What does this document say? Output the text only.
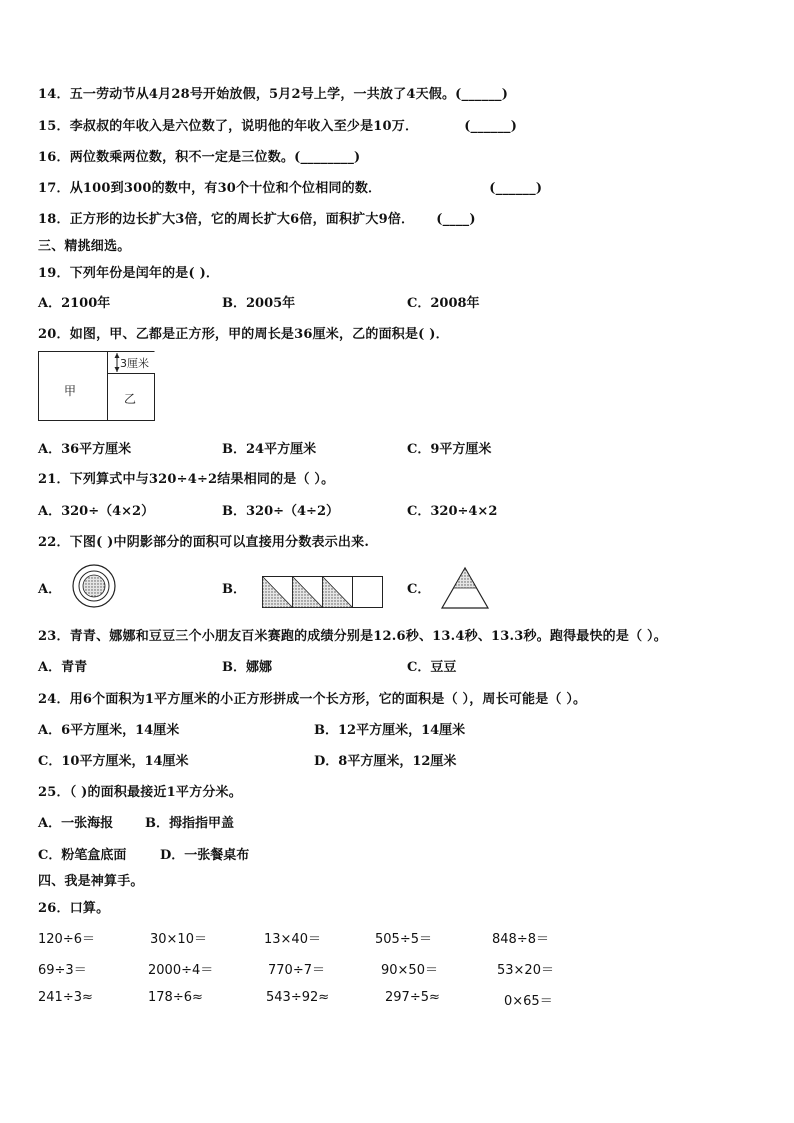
14．五一劳动节从4月28号开始放假，5月2号上学，一共放了4天假。(______)
15．李叔叔的年收入是六位数了，说明他的年收入至少是10万．	(______)
16．两位数乘两位数，积不一定是三位数。(________)
17．从100到300的数中，有30个十位和个位相同的数．	(______)
18．正方形的边长扩大3倍，它的周长扩大6倍，面积扩大9倍． (____)
三、精挑细选。
19．下列年份是闰年的是( )．
A．2100年	B．2005年	C．2008年
20．如图，甲、乙都是正方形，甲的周长是36厘米，乙的面积是( )．
甲
乙
3厘米
A．36平方厘米	B．24平方厘米	C．9平方厘米
21．下列算式中与320÷4÷2结果相同的是（ ）。
A．320÷（4×2）	B．320÷（4÷2）	C．320÷4×2
22．下图( )中阴影部分的面积可以直接用分数表示出来.
A．	B．	C．
23．青青、娜娜和豆豆三个小朋友百米赛跑的成绩分别是12.6秒、13.4秒、13.3秒。跑得最快的是（ ）。
A．青青	B．娜娜	C．豆豆
24．用6个面积为1平方厘米的小正方形拼成一个长方形，它的面积是（ ），周长可能是（ ）。
A．6平方厘米，14厘米	B．12平方厘米，14厘米
C．10平方厘米，14厘米	D．8平方厘米，12厘米
25．（ )的面积最接近1平方分米。
A．一张海报 B．拇指指甲盖
C．粉笔盒底面	D．一张餐桌布
四、我是神算手。
26．口算。
120÷6＝	30×10＝	13×40＝	505÷5＝	848÷8＝
69÷3＝	2000÷4＝	770÷7＝	90×50＝	53×20＝
241÷3≈	178÷6≈	543÷92≈	297÷5≈	0×65＝
